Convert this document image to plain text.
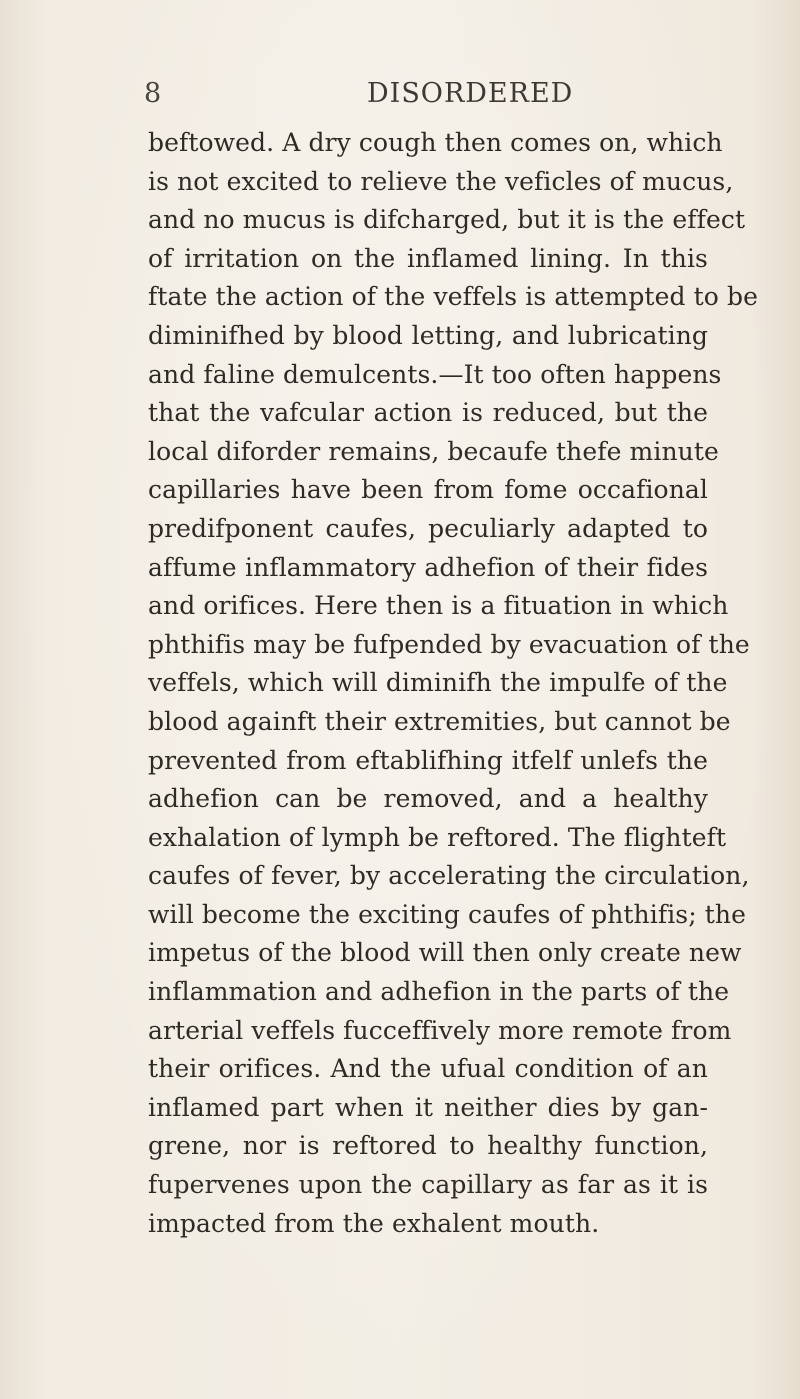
8	DISORDERED
beftowed. A dry cough then comes on, which
is not excited to relieve the veficles of mucus,
and no mucus is difcharged, but it is the effect
of irritation on the inflamed lining. In this
ftate the action of the veffels is attempted to be
diminifhed by blood letting, and lubricating
and faline demulcents.—It too often happens
that the vafcular action is reduced, but the
local diforder remains, becaufe thefe minute
capillaries have been from fome occafional
predifponent caufes, peculiarly adapted to
affume inflammatory adhefion of their fides
and orifices. Here then is a fituation in which
phthifis may be fufpended by evacuation of the
veffels, which will diminifh the impulfe of the
blood againft their extremities, but cannot be
prevented from eftablifhing itfelf unlefs the
adhefion can be removed, and a healthy
exhalation of lymph be reftored. The flighteft
caufes of fever, by accelerating the circulation,
will become the exciting caufes of phthifis; the
impetus of the blood will then only create new
inflammation and adhefion in the parts of the
arterial veffels fucceffively more remote from
their orifices. And the ufual condition of an
inflamed part when it neither dies by gan-
grene, nor is reftored to healthy function,
fupervenes upon the capillary as far as it is
impacted from the exhalent mouth.
